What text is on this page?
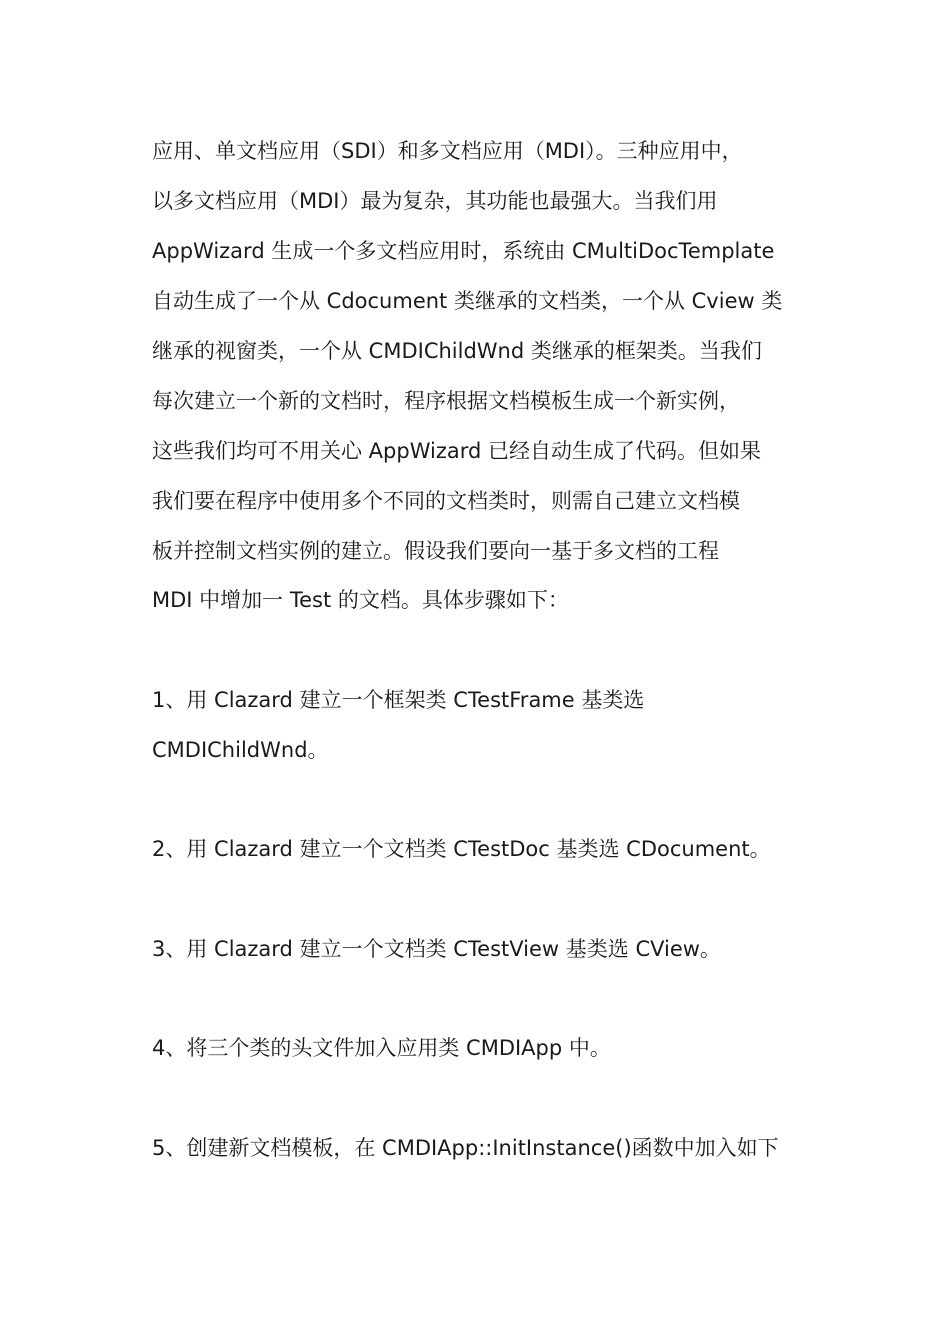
应用、单文档应用（SDI）和多文档应用（MDI）。三种应用中，
以多文档应用（MDI）最为复杂，其功能也最强大。当我们用
AppWizard 生成一个多文档应用时，系统由 CMultiDocTemplate
自动生成了一个从 Cdocument 类继承的文档类，一个从 Cview 类
继承的视窗类，一个从 CMDIChildWnd 类继承的框架类。当我们
每次建立一个新的文档时，程序根据文档模板生成一个新实例，
这些我们均可不用关心 AppWizard 已经自动生成了代码。但如果
我们要在程序中使用多个不同的文档类时，则需自己建立文档模
板并控制文档实例的建立。假设我们要向一基于多文档的工程
MDI 中增加一 Test 的文档。具体步骤如下：
1、用 Clazard 建立一个框架类 CTestFrame 基类选
CMDIChildWnd。
2、用 Clazard 建立一个文档类 CTestDoc 基类选 CDocument。
3、用 Clazard 建立一个文档类 CTestView 基类选 CView。
4、将三个类的头文件加入应用类 CMDIApp 中。
5、创建新文档模板，在 CMDIApp::InitInstance()函数中加入如下
